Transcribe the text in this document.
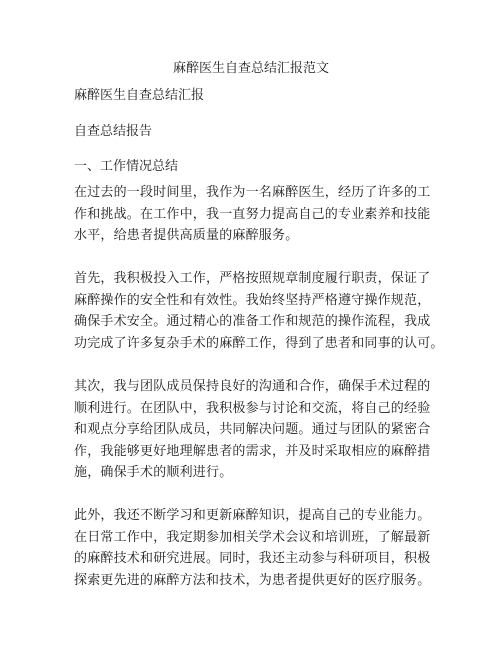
麻醉医生自查总结汇报范文
麻醉医生自查总结汇报
自查总结报告
一、工作情况总结
在过去的一段时间里，我作为一名麻醉医生，经历了许多的工
作和挑战。在工作中，我一直努力提高自己的专业素养和技能
水平，给患者提供高质量的麻醉服务。
首先，我积极投入工作，严格按照规章制度履行职责，保证了
麻醉操作的安全性和有效性。我始终坚持严格遵守操作规范，
确保手术安全。通过精心的准备工作和规范的操作流程，我成
功完成了许多复杂手术的麻醉工作，得到了患者和同事的认可。
其次，我与团队成员保持良好的沟通和合作，确保手术过程的
顺利进行。在团队中，我积极参与讨论和交流，将自己的经验
和观点分享给团队成员，共同解决问题。通过与团队的紧密合
作，我能够更好地理解患者的需求，并及时采取相应的麻醉措
施，确保手术的顺利进行。
此外，我还不断学习和更新麻醉知识，提高自己的专业能力。
在日常工作中，我定期参加相关学术会议和培训班，了解最新
的麻醉技术和研究进展。同时，我还主动参与科研项目，积极
探索更先进的麻醉方法和技术，为患者提供更好的医疗服务。
